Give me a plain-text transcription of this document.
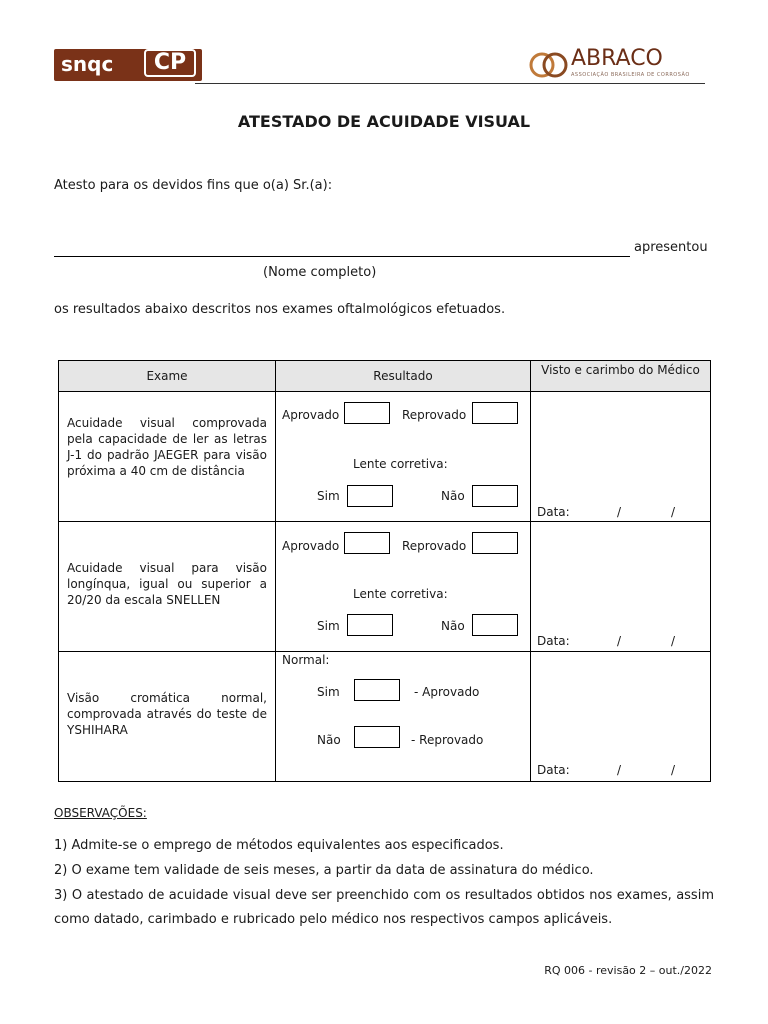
snqc	CP	ABRACO
ASSOCIAÇÃO BRASILEIRA DE CORROSÃO
ATESTADO DE ACUIDADE VISUAL
Atesto para os devidos fins que o(a) Sr.(a):
apresentou
(Nome completo)
os resultados abaixo descritos nos exames oftalmológicos efetuados.
Exame	Resultado	Visto e carimbo do Médico

Acuidade visual comprovada pela capacidade de ler as letras J-1 do padrão JAEGER para visão próxima a 40 cm de distância	Aprovado Reprovado
Lente corretiva:
Sim Não	Data: / /

Acuidade visual para visão longínqua, igual ou superior a 20/20 da escala SNELLEN	Aprovado Reprovado
Lente corretiva:
Sim Não	Data: / /

Visão cromática normal, comprovada através do teste de YSHIHARA	Normal:
Sim - Aprovado
Não - Reprovado	Data: / /
OBSERVAÇÕES:
1) Admite-se o emprego de métodos equivalentes aos especificados.
2) O exame tem validade de seis meses, a partir da data de assinatura do médico.
3) O atestado de acuidade visual deve ser preenchido com os resultados obtidos nos exames, assim como datado, carimbado e rubricado pelo médico nos respectivos campos aplicáveis.
RQ 006 - revisão 2 – out./2022
